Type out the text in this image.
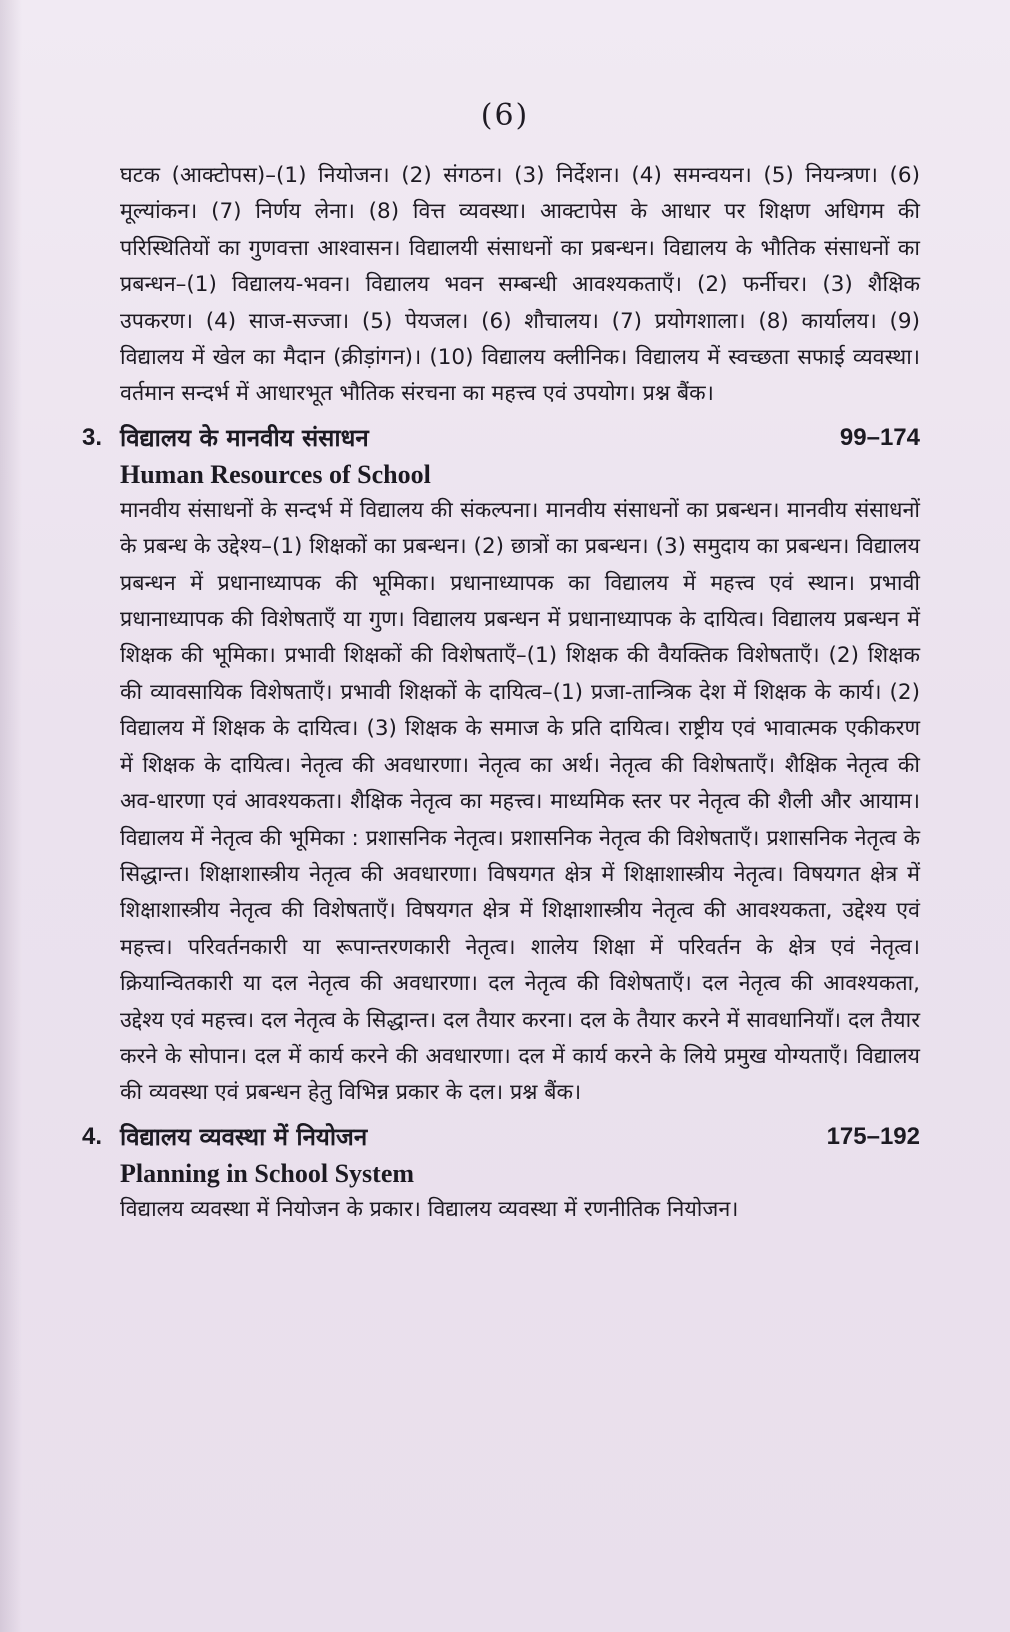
(6)

घटक (आक्टोपस)–(1) नियोजन। (2) संगठन। (3) निर्देशन। (4) समन्वयन। (5) नियन्त्रण। (6) मूल्यांकन। (7) निर्णय लेना। (8) वित्त व्यवस्था। आक्टापेस के आधार पर शिक्षण अधिगम की परिस्थितियों का गुणवत्ता आश्वासन। विद्यालयी संसाधनों का प्रबन्धन। विद्यालय के भौतिक संसाधनों का प्रबन्धन–(1) विद्यालय-भवन। विद्यालय भवन सम्बन्धी आवश्यकताएँ। (2) फर्नीचर। (3) शैक्षिक उपकरण। (4) साज-सज्जा। (5) पेयजल। (6) शौचालय। (7) प्रयोगशाला। (8) कार्यालय। (9) विद्यालय में खेल का मैदान (क्रीड़ांगन)। (10) विद्यालय क्लीनिक। विद्यालय में स्वच्छता सफाई व्यवस्था। वर्तमान सन्दर्भ में आधारभूत भौतिक संरचना का महत्त्व एवं उपयोग। प्रश्न बैंक।

3. विद्यालय के मानवीय संसाधन	99–174

Human Resources of School

मानवीय संसाधनों के सन्दर्भ में विद्यालय की संकल्पना। मानवीय संसाधनों का प्रबन्धन। मानवीय संसाधनों के प्रबन्ध के उद्देश्य–(1) शिक्षकों का प्रबन्धन। (2) छात्रों का प्रबन्धन। (3) समुदाय का प्रबन्धन। विद्यालय प्रबन्धन में प्रधानाध्यापक की भूमिका। प्रधानाध्यापक का विद्यालय में महत्त्व एवं स्थान। प्रभावी प्रधानाध्यापक की विशेषताएँ या गुण। विद्यालय प्रबन्धन में प्रधानाध्यापक के दायित्व। विद्यालय प्रबन्धन में शिक्षक की भूमिका। प्रभावी शिक्षकों की विशेषताएँ–(1) शिक्षक की वैयक्तिक विशेषताएँ। (2) शिक्षक की व्यावसायिक विशेषताएँ। प्रभावी शिक्षकों के दायित्व–(1) प्रजा-तान्त्रिक देश में शिक्षक के कार्य। (2) विद्यालय में शिक्षक के दायित्व। (3) शिक्षक के समाज के प्रति दायित्व। राष्ट्रीय एवं भावात्मक एकीकरण में शिक्षक के दायित्व। नेतृत्व की अवधारणा। नेतृत्व का अर्थ। नेतृत्व की विशेषताएँ। शैक्षिक नेतृत्व की अव-धारणा एवं आवश्यकता। शैक्षिक नेतृत्व का महत्त्व। माध्यमिक स्तर पर नेतृत्व की शैली और आयाम। विद्यालय में नेतृत्व की भूमिका : प्रशासनिक नेतृत्व। प्रशासनिक नेतृत्व की विशेषताएँ। प्रशासनिक नेतृत्व के सिद्धान्त। शिक्षाशास्त्रीय नेतृत्व की अवधारणा। विषयगत क्षेत्र में शिक्षाशास्त्रीय नेतृत्व। विषयगत क्षेत्र में शिक्षाशास्त्रीय नेतृत्व की विशेषताएँ। विषयगत क्षेत्र में शिक्षाशास्त्रीय नेतृत्व की आवश्यकता, उद्देश्य एवं महत्त्व। परिवर्तनकारी या रूपान्तरणकारी नेतृत्व। शालेय शिक्षा में परिवर्तन के क्षेत्र एवं नेतृत्व। क्रियान्वितकारी या दल नेतृत्व की अवधारणा। दल नेतृत्व की विशेषताएँ। दल नेतृत्व की आवश्यकता, उद्देश्य एवं महत्त्व। दल नेतृत्व के सिद्धान्त। दल तैयार करना। दल के तैयार करने में सावधानियाँ। दल तैयार करने के सोपान। दल में कार्य करने की अवधारणा। दल में कार्य करने के लिये प्रमुख योग्यताएँ। विद्यालय की व्यवस्था एवं प्रबन्धन हेतु विभिन्न प्रकार के दल। प्रश्न बैंक।

4. विद्यालय व्यवस्था में नियोजन	175–192

Planning in School System

विद्यालय व्यवस्था में नियोजन के प्रकार। विद्यालय व्यवस्था में रणनीतिक नियोजन।
